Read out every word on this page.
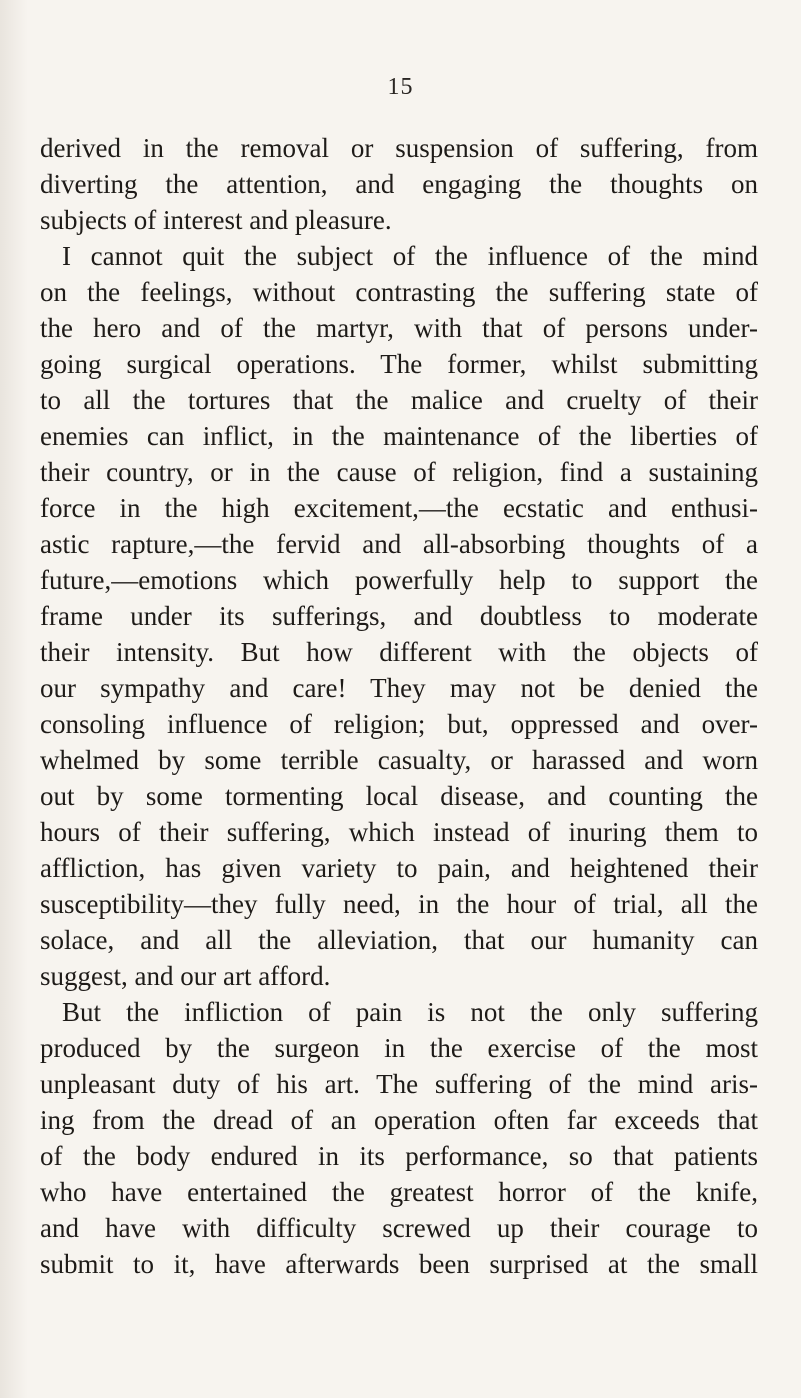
15
derived in the removal or suspension of suffering, from
diverting the attention, and engaging the thoughts on
subjects of interest and pleasure.
I cannot quit the subject of the influence of the mind
on the feelings, without contrasting the suffering state of
the hero and of the martyr, with that of persons under-
going surgical operations. The former, whilst submitting
to all the tortures that the malice and cruelty of their
enemies can inflict, in the maintenance of the liberties of
their country, or in the cause of religion, find a sustaining
force in the high excitement,—the ecstatic and enthusi-
astic rapture,—the fervid and all-absorbing thoughts of a
future,—emotions which powerfully help to support the
frame under its sufferings, and doubtless to moderate
their intensity. But how different with the objects of
our sympathy and care! They may not be denied the
consoling influence of religion; but, oppressed and over-
whelmed by some terrible casualty, or harassed and worn
out by some tormenting local disease, and counting the
hours of their suffering, which instead of inuring them to
affliction, has given variety to pain, and heightened their
susceptibility—they fully need, in the hour of trial, all the
solace, and all the alleviation, that our humanity can
suggest, and our art afford.
But the infliction of pain is not the only suffering
produced by the surgeon in the exercise of the most
unpleasant duty of his art. The suffering of the mind aris-
ing from the dread of an operation often far exceeds that
of the body endured in its performance, so that patients
who have entertained the greatest horror of the knife,
and have with difficulty screwed up their courage to
submit to it, have afterwards been surprised at the small
